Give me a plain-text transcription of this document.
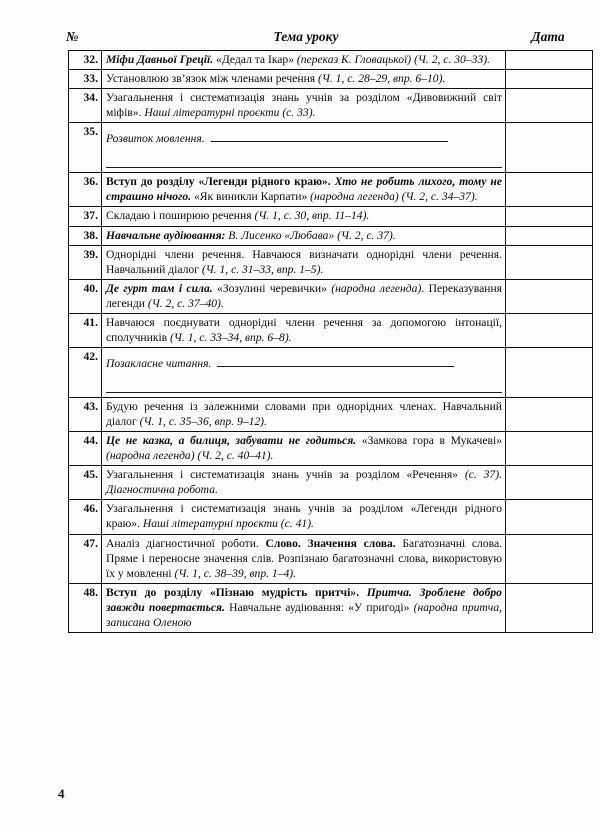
№	Тема уроку	Дата
32.	Міфи Давньої Греції. «Дедал та Ікар» (переказ К. Гловацької) (Ч. 2, с. 30–33).	
33.	Установлюю зв’язок між членами речення (Ч. 1, с. 28–29, впр. 6–10).	
34.	Узагальнення і систематизація знань учнів за розділом «Дивовижний світ міфів». Наші літературні проєкти (с. 33).	
35.	Розвиток мовлення.

36.	Вступ до розділу «Легенди рідного краю». Хто не робить лихого, тому не страшно нічого. «Як виникли Карпати» (народна легенда) (Ч. 2, с. 34–37).	
37.	Складаю і поширюю речення (Ч. 1, с. 30, впр. 11–14).	
38.	Навчальне аудіювання: В. Лисенко «Любава» (Ч. 2, с. 37).	
39.	Однорідні члени речення. Навчаюся визначати однорідні члени речення. Навчальний діалог (Ч. 1, с. 31–33, впр. 1–5).	
40.	Де гурт там і сила. «Зозулині черевички» (народна легенда). Переказування легенди (Ч. 2, с. 37–40).	
41.	Навчаюся поєднувати однорідні члени речення за допомогою інтонації, сполучників (Ч. 1, с. 33–34, впр. 6–8).	
42.	Позакласне читання.

43.	Будую речення із залежними словами при однорідних членах. Навчальний діалог (Ч. 1, с. 35–36, впр. 9–12).	
44.	Це не казка, а билиця, забувати не годиться. «Замкова гора в Мукачеві» (народна легенда) (Ч. 2, с. 40–41).	
45.	Узагальнення і систематизація знань учнів за розділом «Речення» (с. 37). Діагностична робота.	
46.	Узагальнення і систематизація знань учнів за розділом «Легенди рідного краю». Наші літературні проєкти (с. 41).	
47.	Аналіз діагностичної роботи. Слово. Значення слова. Багатозначні слова. Пряме і переносне значення слів. Розпізнаю багатозначні слова, використовую їх у мовленні (Ч. 1, с. 38–39, впр. 1–4).	
48.	Вступ до розділу «Пізнаю мудрість притчі». Притча. Зроблене добро завжди повертається. Навчальне аудіювання: «У пригоді» (народна притча, записана Оленою	
4
